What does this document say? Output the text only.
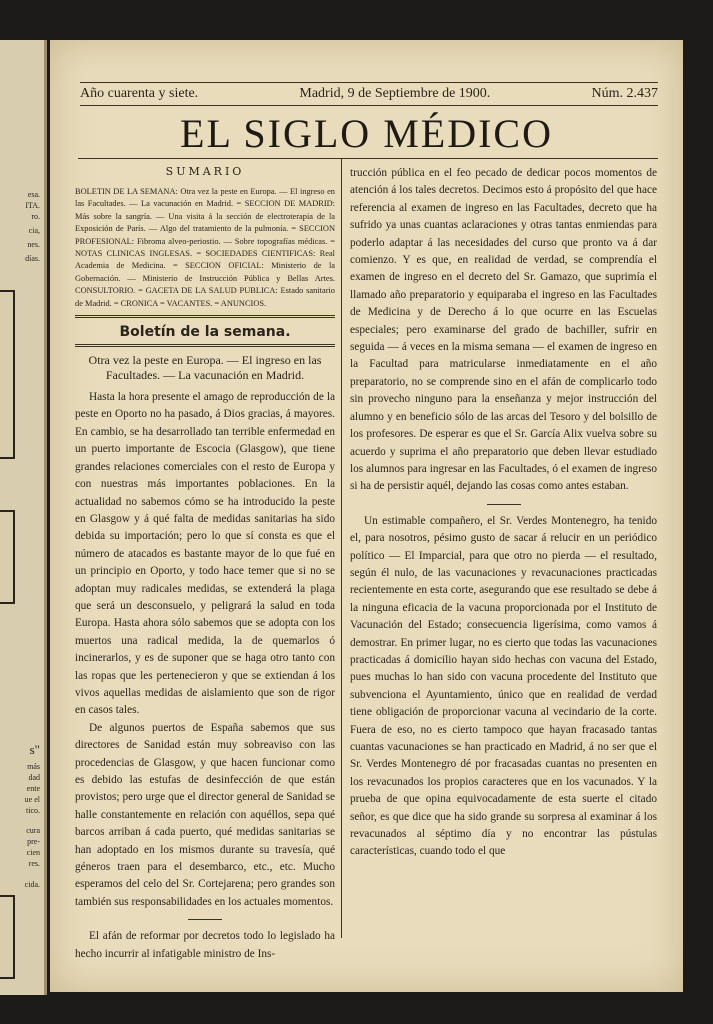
esa.
ITA.
ro.
cia,
nes.
días.
s"
más
dad
ente
ue el
tico.
cura
pre-
cien
res.
cida.
Año cuarenta y siete.	Madrid, 9 de Septiembre de 1900.	Núm. 2.437
EL SIGLO MÉDICO
SUMARIO

BOLETIN DE LA SEMANA: Otra vez la peste en Europa. — El ingreso en las Facultades. — La vacunación en Madrid. = SECCION DE MADRID: Más sobre la sangría. — Una visita á la sección de electroterapia de la Exposición de París. — Algo del tratamiento de la pulmonía. = SECCION PROFESIONAL: Fibroma alveo-periostio. — Sobre topografías médicas. = NOTAS CLINICAS INGLESAS. = SOCIEDADES CIENTIFICAS: Real Academia de Medicina. = SECCION OFICIAL: Ministerio de la Gobernación. — Ministerio de Instrucción Pública y Bellas Artes. CONSULTORIO. = GACETA DE LA SALUD PUBLICA: Estado sanitario de Madrid. = CRONICA = VACANTES. = ANUNCIOS.

Boletín de la semana.

Otra vez la peste en Europa. — El ingreso en las Facultades. — La vacunación en Madrid.

Hasta la hora presente el amago de reproducción de la peste en Oporto no ha pasado, á Dios gracias, á mayores. En cambio, se ha desarrollado tan terrible enfermedad en un puerto importante de Escocia (Glasgow), que tiene grandes relaciones comerciales con el resto de Europa y con nuestras más importantes poblaciones. En la actualidad no sabemos cómo se ha introducido la peste en Glasgow y á qué falta de medidas sanitarias ha sido debida su importación; pero lo que sí consta es que el número de atacados es bastante mayor de lo que fué en un principio en Oporto, y todo hace temer que si no se adoptan muy radicales medidas, se extenderá la plaga que será un desconsuelo, y peligrará la salud en toda Europa. Hasta ahora sólo sabemos que se adopta con los muertos una radical medida, la de quemarlos ó incinerarlos, y es de suponer que se haga otro tanto con las ropas que les pertenecieron y que se extiendan á los vivos aquellas medidas de aislamiento que son de rigor en casos tales.

De algunos puertos de España sabemos que sus directores de Sanidad están muy sobreaviso con las procedencias de Glasgow, y que hacen funcionar como es debido las estufas de desinfección de que están provistos; pero urge que el director general de Sanidad se halle constantemente en relación con aquéllos, sepa qué barcos arriban á cada puerto, qué medidas sanitarias se han adoptado en los mismos durante su travesía, qué géneros traen para el desembarco, etc., etc. Mucho esperamos del celo del Sr. Cortejarena; pero grandes son también sus responsabilidades en los actuales momentos.

El afán de reformar por decretos todo lo legislado ha hecho incurrir al infatigable ministro de Ins-

trucción pública en el feo pecado de dedicar pocos momentos de atención á los tales decretos. Decimos esto á propósito del que hace referencia al examen de ingreso en las Facultades, decreto que ha sufrido ya unas cuantas aclaraciones y otras tantas enmiendas para poderlo adaptar á las necesidades del curso que pronto va á dar comienzo. Y es que, en realidad de verdad, se comprendía el examen de ingreso en el decreto del Sr. Gamazo, que suprimía el llamado año preparatorio y equiparaba el ingreso en las Facultades de Medicina y de Derecho á lo que ocurre en las Escuelas especiales; pero examinarse del grado de bachiller, sufrir en seguida — á veces en la misma semana — el examen de ingreso en la Facultad para matricularse inmediatamente en el año preparatorio, no se comprende sino en el afán de complicarlo todo sin provecho ninguno para la enseñanza y mejor instrucción del alumno y en beneficio sólo de las arcas del Tesoro y del bolsillo de los profesores. De esperar es que el Sr. García Alix vuelva sobre su acuerdo y suprima el año preparatorio que deben llevar estudiado los alumnos para ingresar en las Facultades, ó el examen de ingreso si ha de persistir aquél, dejando las cosas como antes estaban.

Un estimable compañero, el Sr. Verdes Montenegro, ha tenido el, para nosotros, pésimo gusto de sacar á relucir en un periódico político — El Imparcial, para que otro no pierda — el resultado, según él nulo, de las vacunaciones y revacunaciones practicadas recientemente en esta corte, asegurando que ese resultado se debe á la ninguna eficacia de la vacuna proporcionada por el Instituto de Vacunación del Estado; consecuencia ligerísima, como vamos á demostrar. En primer lugar, no es cierto que todas las vacunaciones practicadas á domicilio hayan sido hechas con vacuna del Estado, pues muchas lo han sido con vacuna procedente del Instituto que subvenciona el Ayuntamiento, único que en realidad de verdad tiene obligación de proporcionar vacuna al vecindario de la corte. Fuera de eso, no es cierto tampoco que hayan fracasado tantas cuantas vacunaciones se han practicado en Madrid, á no ser que el Sr. Verdes Montenegro dé por fracasadas cuantas no presenten en los revacunados los propios caracteres que en los vacunados. Y la prueba de que opina equivocadamente de esta suerte el citado señor, es que dice que ha sido grande su sorpresa al examinar á los revacunados al séptimo día y no encontrar las pústulas características, cuando todo el que
